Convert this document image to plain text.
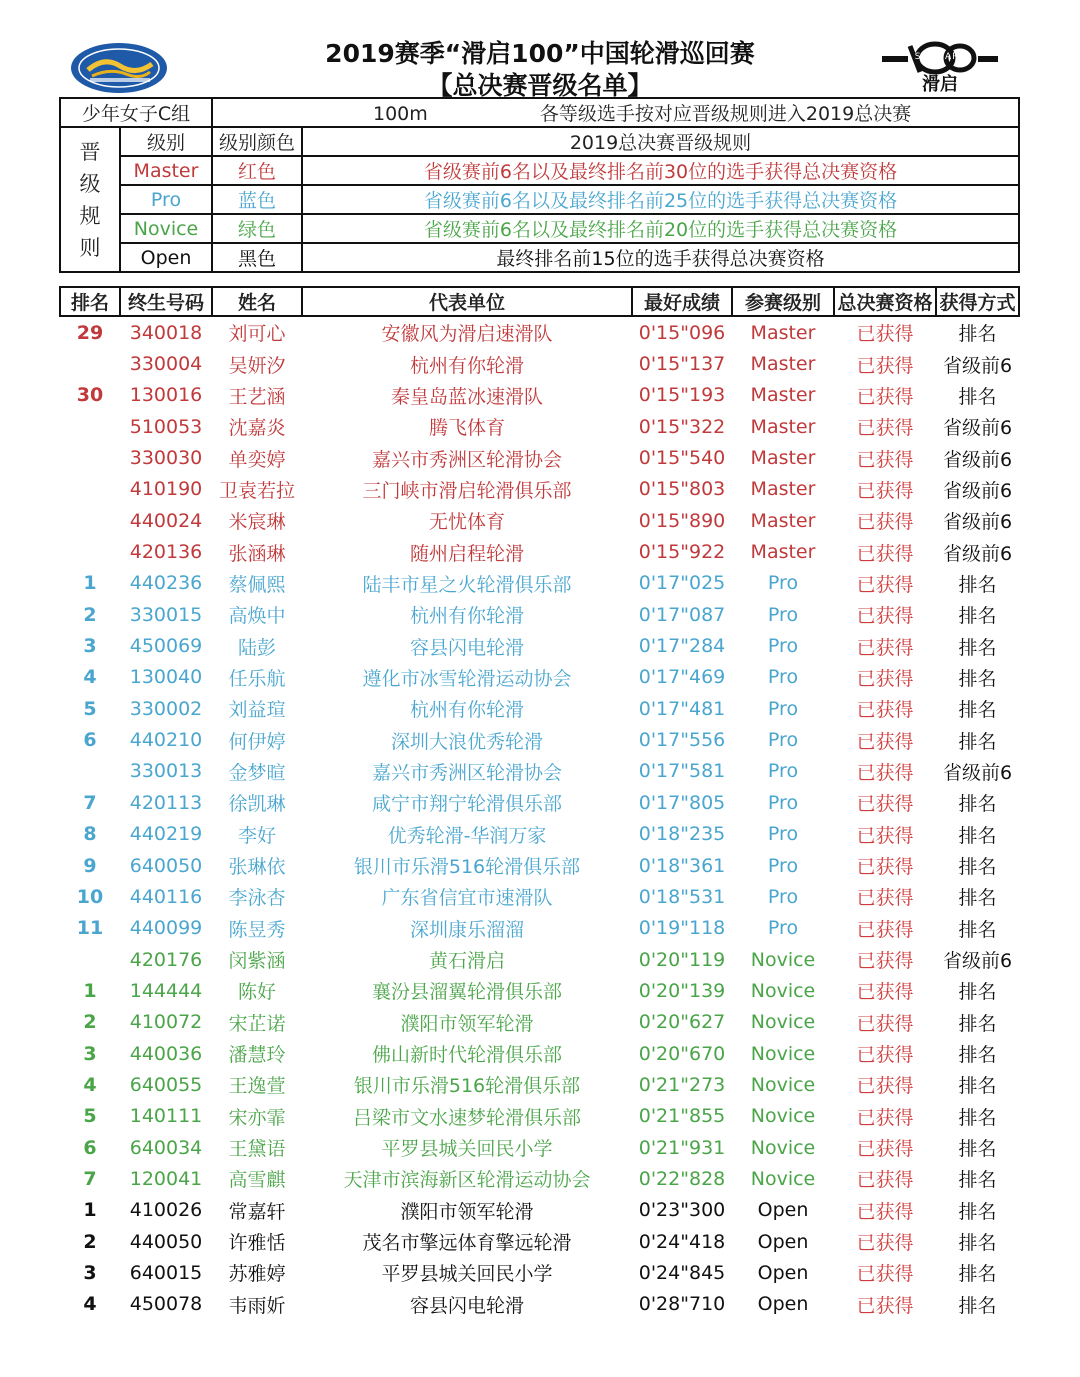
SKAT ART
滑启
2019赛季“滑启100”中国轮滑巡回赛
【总决赛晋级名单】
少年女子C组		100m 各等级选手按对应晋级规则进入2019总决赛	

晋
级
规
则	级别	级别颜色	2019总决赛晋级规则
	Master	红色	省级赛前6名以及最终排名前30位的选手获得总决赛资格
	Pro	蓝色	省级赛前6名以及最终排名前25位的选手获得总决赛资格
	Novice	绿色	省级赛前6名以及最终排名前20位的选手获得总决赛资格
	Open	黑色	最终排名前15位的选手获得总决赛资格
排名	终生号码	姓名	代表单位	最好成绩	参赛级别	总决赛资格	获得方式
29	340018	刘可心	安徽风为滑启速滑队	0'15"096	Master	已获得	排名
	330004	吴妍汐	杭州有你轮滑	0'15"137	Master	已获得	省级前6
30	130016	王艺涵	秦皇岛蓝冰速滑队	0'15"193	Master	已获得	排名
	510053	沈嘉炎	腾飞体育	0'15"322	Master	已获得	省级前6
	330030	单奕婷	嘉兴市秀洲区轮滑协会	0'15"540	Master	已获得	省级前6
	410190	卫袁若拉	三门峡市滑启轮滑俱乐部	0'15"803	Master	已获得	省级前6
	440024	米宸琳	无忧体育	0'15"890	Master	已获得	省级前6
	420136	张涵琳	随州启程轮滑	0'15"922	Master	已获得	省级前6
1	440236	蔡佩熙	陆丰市星之火轮滑俱乐部	0'17"025	Pro	已获得	排名
2	330015	高焕中	杭州有你轮滑	0'17"087	Pro	已获得	排名
3	450069	陆彭	容县闪电轮滑	0'17"284	Pro	已获得	排名
4	130040	任乐航	遵化市冰雪轮滑运动协会	0'17"469	Pro	已获得	排名
5	330002	刘益瑄	杭州有你轮滑	0'17"481	Pro	已获得	排名
6	440210	何伊婷	深圳大浪优秀轮滑	0'17"556	Pro	已获得	排名
	330013	金梦暄	嘉兴市秀洲区轮滑协会	0'17"581	Pro	已获得	省级前6
7	420113	徐凯琳	咸宁市翔宁轮滑俱乐部	0'17"805	Pro	已获得	排名
8	440219	李好	优秀轮滑-华润万家	0'18"235	Pro	已获得	排名
9	640050	张琳依	银川市乐滑516轮滑俱乐部	0'18"361	Pro	已获得	排名
10	440116	李泳杏	广东省信宜市速滑队	0'18"531	Pro	已获得	排名
11	440099	陈昱秀	深圳康乐溜溜	0'19"118	Pro	已获得	排名
	420176	闵紫涵	黄石滑启	0'20"119	Novice	已获得	省级前6
1	144444	陈好	襄汾县溜翼轮滑俱乐部	0'20"139	Novice	已获得	排名
2	410072	宋芷诺	濮阳市领军轮滑	0'20"627	Novice	已获得	排名
3	440036	潘慧玲	佛山新时代轮滑俱乐部	0'20"670	Novice	已获得	排名
4	640055	王逸萱	银川市乐滑516轮滑俱乐部	0'21"273	Novice	已获得	排名
5	140111	宋亦霏	吕梁市文水速梦轮滑俱乐部	0'21"855	Novice	已获得	排名
6	640034	王黛语	平罗县城关回民小学	0'21"931	Novice	已获得	排名
7	120041	高雪麒	天津市滨海新区轮滑运动协会	0'22"828	Novice	已获得	排名
1	410026	常嘉轩	濮阳市领军轮滑	0'23"300	Open	已获得	排名
2	440050	许雅恬	茂名市擎远体育擎远轮滑	0'24"418	Open	已获得	排名
3	640015	苏雅婷	平罗县城关回民小学	0'24"845	Open	已获得	排名
4	450078	韦雨妡	容县闪电轮滑	0'28"710	Open	已获得	排名
